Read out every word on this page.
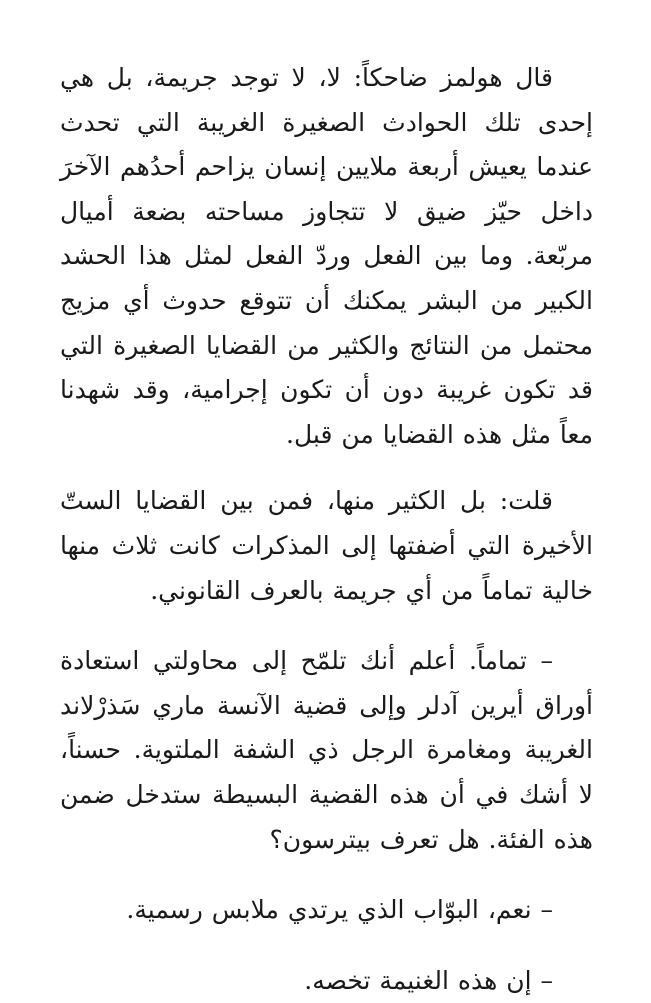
قال هولمز ضاحكاً: لا، لا توجد جريمة، بل هي إحدى تلك الحوادث الصغيرة الغريبة التي تحدث عندما يعيش أربعة ملايين إنسان يزاحم أحدُهم الآخرَ داخل حيّز ضيق لا تتجاوز مساحته بضعة أميال مربّعة. وما بين الفعل وردّ الفعل لمثل هذا الحشد الكبير من البشر يمكنك أن تتوقع حدوث أي مزيج محتمل من النتائج والكثير من القضايا الصغيرة التي قد تكون غريبة دون أن تكون إجرامية، وقد شهدنا معاً مثل هذه القضايا من قبل.

قلت: بل الكثير منها، فمن بين القضايا الستّ الأخيرة التي أضفتها إلى المذكرات كانت ثلاث منها خالية تماماً من أي جريمة بالعرف القانوني.

– تماماً. أعلم أنك تلمّح إلى محاولتي استعادة أوراق أيرين آدلر وإلى قضية الآنسة ماري سَذرْلاند الغريبة ومغامرة الرجل ذي الشفة الملتوية. حسناً، لا أشك في أن هذه القضية البسيطة ستدخل ضمن هذه الفئة. هل تعرف بيترسون؟

– نعم، البوّاب الذي يرتدي ملابس رسمية.

– إن هذه الغنيمة تخصه.
